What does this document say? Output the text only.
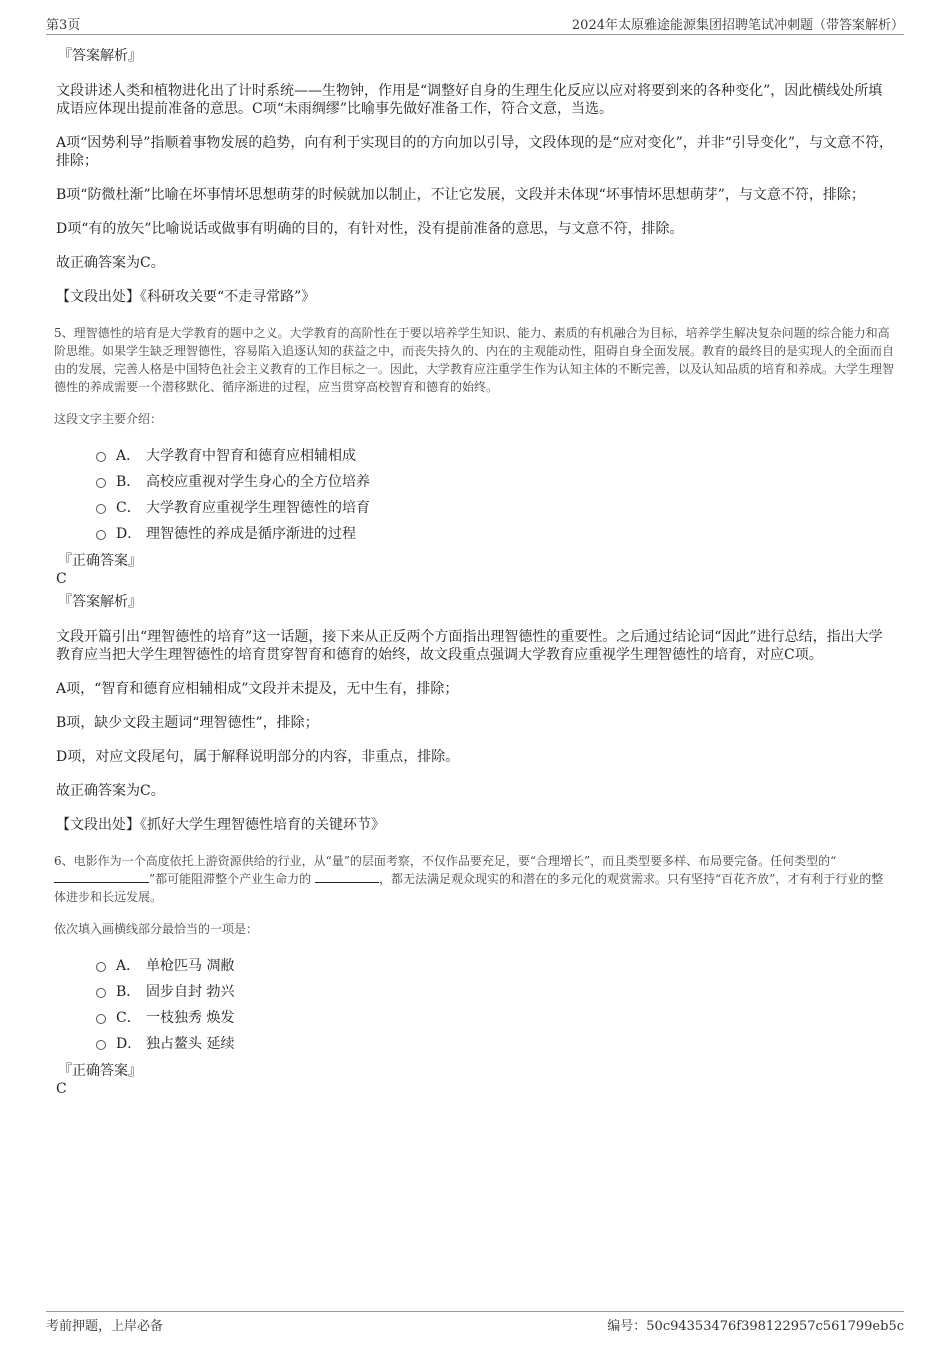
第3页	2024年太原雅途能源集团招聘笔试冲刺题（带答案解析）
『答案解析』
文段讲述人类和植物进化出了计时系统——生物钟，作用是“调整好自身的生理生化反应以应对将要到来的各种变化”，因此横线处所填成语应体现出提前准备的意思。C项“未雨绸缪”比喻事先做好准备工作，符合文意，当选。
A项“因势利导”指顺着事物发展的趋势，向有利于实现目的的方向加以引导，文段体现的是“应对变化”，并非“引导变化”，与文意不符，排除；
B项“防微杜渐”比喻在坏事情坏思想萌芽的时候就加以制止，不让它发展，文段并未体现“坏事情坏思想萌芽”，与文意不符，排除；
D项“有的放矢”比喻说话或做事有明确的目的，有针对性，没有提前准备的意思，与文意不符，排除。
故正确答案为C。
【文段出处】《科研攻关要“不走寻常路”》
5、理智德性的培育是大学教育的题中之义。大学教育的高阶性在于要以培养学生知识、能力、素质的有机融合为目标，培养学生解决复杂问题的综合能力和高阶思维。如果学生缺乏理智德性，容易陷入追逐认知的获益之中，而丧失持久的、内在的主观能动性，阻碍自身全面发展。教育的最终目的是实现人的全面而自由的发展，完善人格是中国特色社会主义教育的工作目标之一。因此，大学教育应注重学生作为认知主体的不断完善，以及认知品质的培育和养成。大学生理智德性的养成需要一个潜移默化、循序渐进的过程，应当贯穿高校智育和德育的始终。
这段文字主要介绍：
A． 大学教育中智育和德育应相辅相成
B． 高校应重视对学生身心的全方位培养
C． 大学教育应重视学生理智德性的培育
D． 理智德性的养成是循序渐进的过程
『正确答案』
C
『答案解析』
文段开篇引出“理智德性的培育”这一话题，接下来从正反两个方面指出理智德性的重要性。之后通过结论词“因此”进行总结，指出大学教育应当把大学生理智德性的培育贯穿智育和德育的始终，故文段重点强调大学教育应重视学生理智德性的培育，对应C项。
A项，“智育和德育应相辅相成”文段并未提及，无中生有，排除；
B项，缺少文段主题词“理智德性”，排除；
D项，对应文段尾句，属于解释说明部分的内容，非重点，排除。
故正确答案为C。
【文段出处】《抓好大学生理智德性培育的关键环节》
6、电影作为一个高度依托上游资源供给的行业，从“量”的层面考察，不仅作品要充足，要“合理增长”，而且类型要多样、布局要完备。任何类型的“”都可能阻滞整个产业生命力的	，都无法满足观众现实的和潜在的多元化的观赏需求。只有坚持“百花齐放”，才有利于行业的整体进步和长远发展。
依次填入画横线部分最恰当的一项是：
A． 单枪匹马 凋敝
B． 固步自封 勃兴
C． 一枝独秀 焕发
D． 独占鳌头 延续
『正确答案』
C
考前押题，上岸必备	编号：50c94353476f398122957c561799eb5c
